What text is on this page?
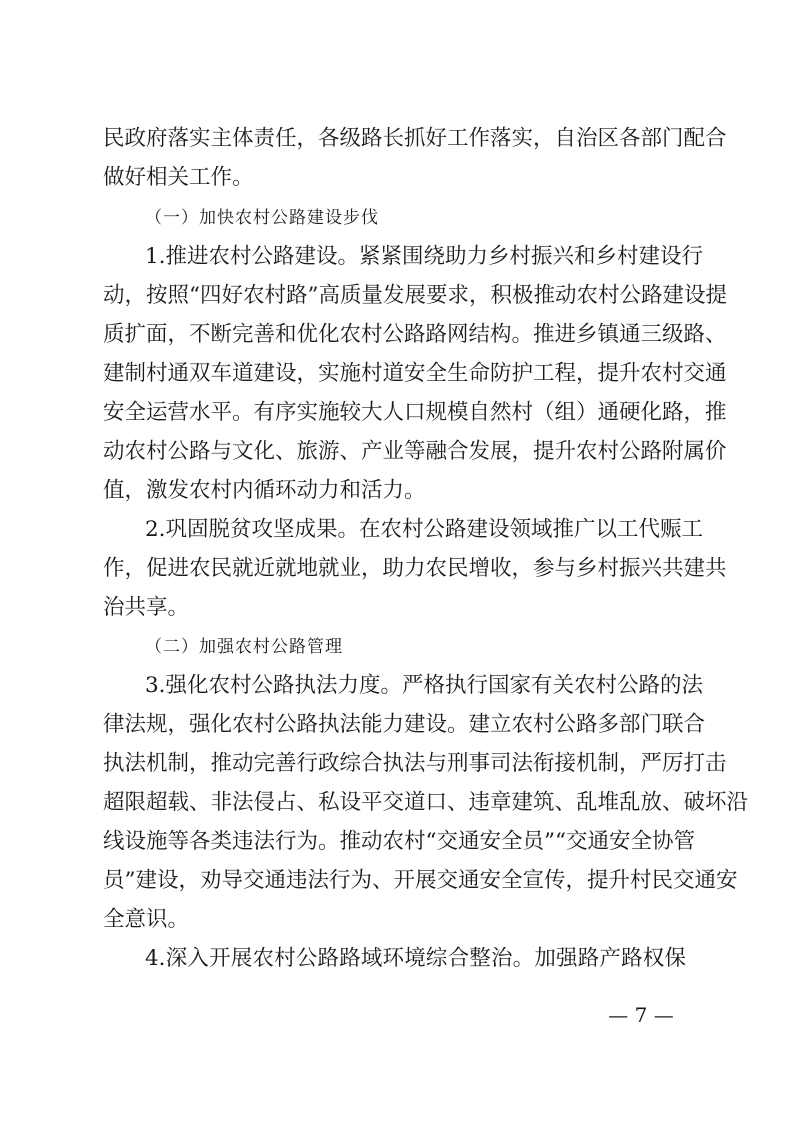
民政府落实主体责任，各级路长抓好工作落实，自治区各部门配合
做好相关工作。
（一）加快农村公路建设步伐
1.推进农村公路建设。紧紧围绕助力乡村振兴和乡村建设行
动，按照“四好农村路”高质量发展要求，积极推动农村公路建设提
质扩面，不断完善和优化农村公路路网结构。推进乡镇通三级路、
建制村通双车道建设，实施村道安全生命防护工程，提升农村交通
安全运营水平。有序实施较大人口规模自然村（组）通硬化路，推
动农村公路与文化、旅游、产业等融合发展，提升农村公路附属价
值，激发农村内循环动力和活力。
2.巩固脱贫攻坚成果。在农村公路建设领域推广以工代赈工
作，促进农民就近就地就业，助力农民增收，参与乡村振兴共建共
治共享。
（二）加强农村公路管理
3.强化农村公路执法力度。严格执行国家有关农村公路的法
律法规，强化农村公路执法能力建设。建立农村公路多部门联合
执法机制，推动完善行政综合执法与刑事司法衔接机制，严厉打击
超限超载、非法侵占、私设平交道口、违章建筑、乱堆乱放、破坏沿
线设施等各类违法行为。推动农村“交通安全员”“交通安全协管
员”建设，劝导交通违法行为、开展交通安全宣传，提升村民交通安
全意识。
4.深入开展农村公路路域环境综合整治。加强路产路权保
— 7 —
